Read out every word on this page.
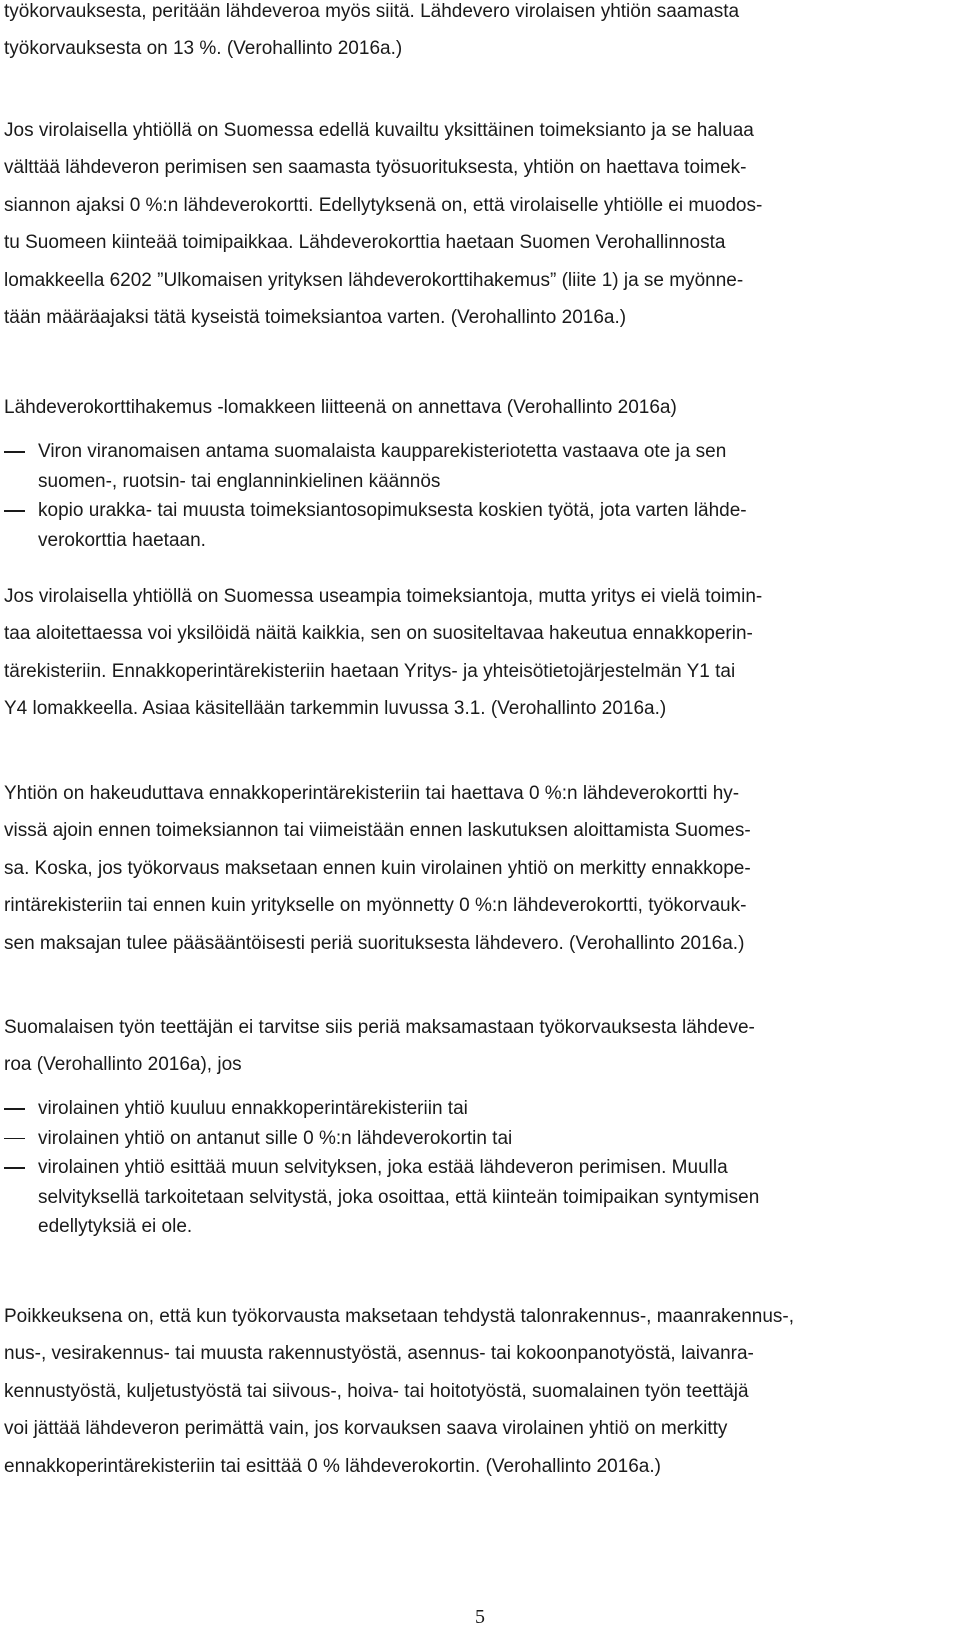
työkorvauksesta, peritään lähdeveroa myös siitä. Lähdevero virolaisen yhtiön saamasta
työkorvauksesta on 13 %. (Verohallinto 2016a.)
Jos virolaisella yhtiöllä on Suomessa edellä kuvailtu yksittäinen toimeksianto ja se haluaa
välttää lähdeveron perimisen sen saamasta työsuorituksesta, yhtiön on haettava toimek-
siannon ajaksi 0 %:n lähdeverokortti. Edellytyksenä on, että virolaiselle yhtiölle ei muodos-
tu Suomeen kiinteää toimipaikkaa. Lähdeverokorttia haetaan Suomen Verohallinnosta
lomakkeella 6202 ”Ulkomaisen yrityksen lähdeverokorttihakemus” (liite 1) ja se myönne-
tään määräajaksi tätä kyseistä toimeksiantoa varten. (Verohallinto 2016a.)
Lähdeverokorttihakemus -lomakkeen liitteenä on annettava (Verohallinto 2016a)
Viron viranomaisen antama suomalaista kaupparekisteriotetta vastaava ote ja sen
suomen-, ruotsin- tai englanninkielinen käännös
kopio urakka- tai muusta toimeksiantosopimuksesta koskien työtä, jota varten lähde-
verokorttia haetaan.
Jos virolaisella yhtiöllä on Suomessa useampia toimeksiantoja, mutta yritys ei vielä toimin-
taa aloitettaessa voi yksilöidä näitä kaikkia, sen on suositeltavaa hakeutua ennakkoperin-
tärekisteriin. Ennakkoperintärekisteriin haetaan Yritys- ja yhteisötietojärjestelmän Y1 tai
Y4 lomakkeella. Asiaa käsitellään tarkemmin luvussa 3.1. (Verohallinto 2016a.)
Yhtiön on hakeuduttava ennakkoperintärekisteriin tai haettava 0 %:n lähdeverokortti hy-
vissä ajoin ennen toimeksiannon tai viimeistään ennen laskutuksen aloittamista Suomes-
sa. Koska, jos työkorvaus maksetaan ennen kuin virolainen yhtiö on merkitty ennakkope-
rintärekisteriin tai ennen kuin yritykselle on myönnetty 0 %:n lähdeverokortti, työkorvauk-
sen maksajan tulee pääsääntöisesti periä suorituksesta lähdevero. (Verohallinto 2016a.)
Suomalaisen työn teettäjän ei tarvitse siis periä maksamastaan työkorvauksesta lähdeve-
roa (Verohallinto 2016a), jos
virolainen yhtiö kuuluu ennakkoperintärekisteriin tai
virolainen yhtiö on antanut sille 0 %:n lähdeverokortin tai
virolainen yhtiö esittää muun selvityksen, joka estää lähdeveron perimisen. Muulla
selvityksellä tarkoitetaan selvitystä, joka osoittaa, että kiinteän toimipaikan syntymisen
edellytyksiä ei ole.
Poikkeuksena on, että kun työkorvausta maksetaan tehdystä talonrakennus-, maanrakennus-,
nus-, vesirakennus- tai muusta rakennustyöstä, asennus- tai kokoonpanotyöstä, laivanra-
kennustyöstä, kuljetustyöstä tai siivous-, hoiva- tai hoitotyöstä, suomalainen työn teettäjä
voi jättää lähdeveron perimättä vain, jos korvauksen saava virolainen yhtiö on merkitty
ennakkoperintärekisteriin tai esittää 0 % lähdeverokortin. (Verohallinto 2016a.)
5
